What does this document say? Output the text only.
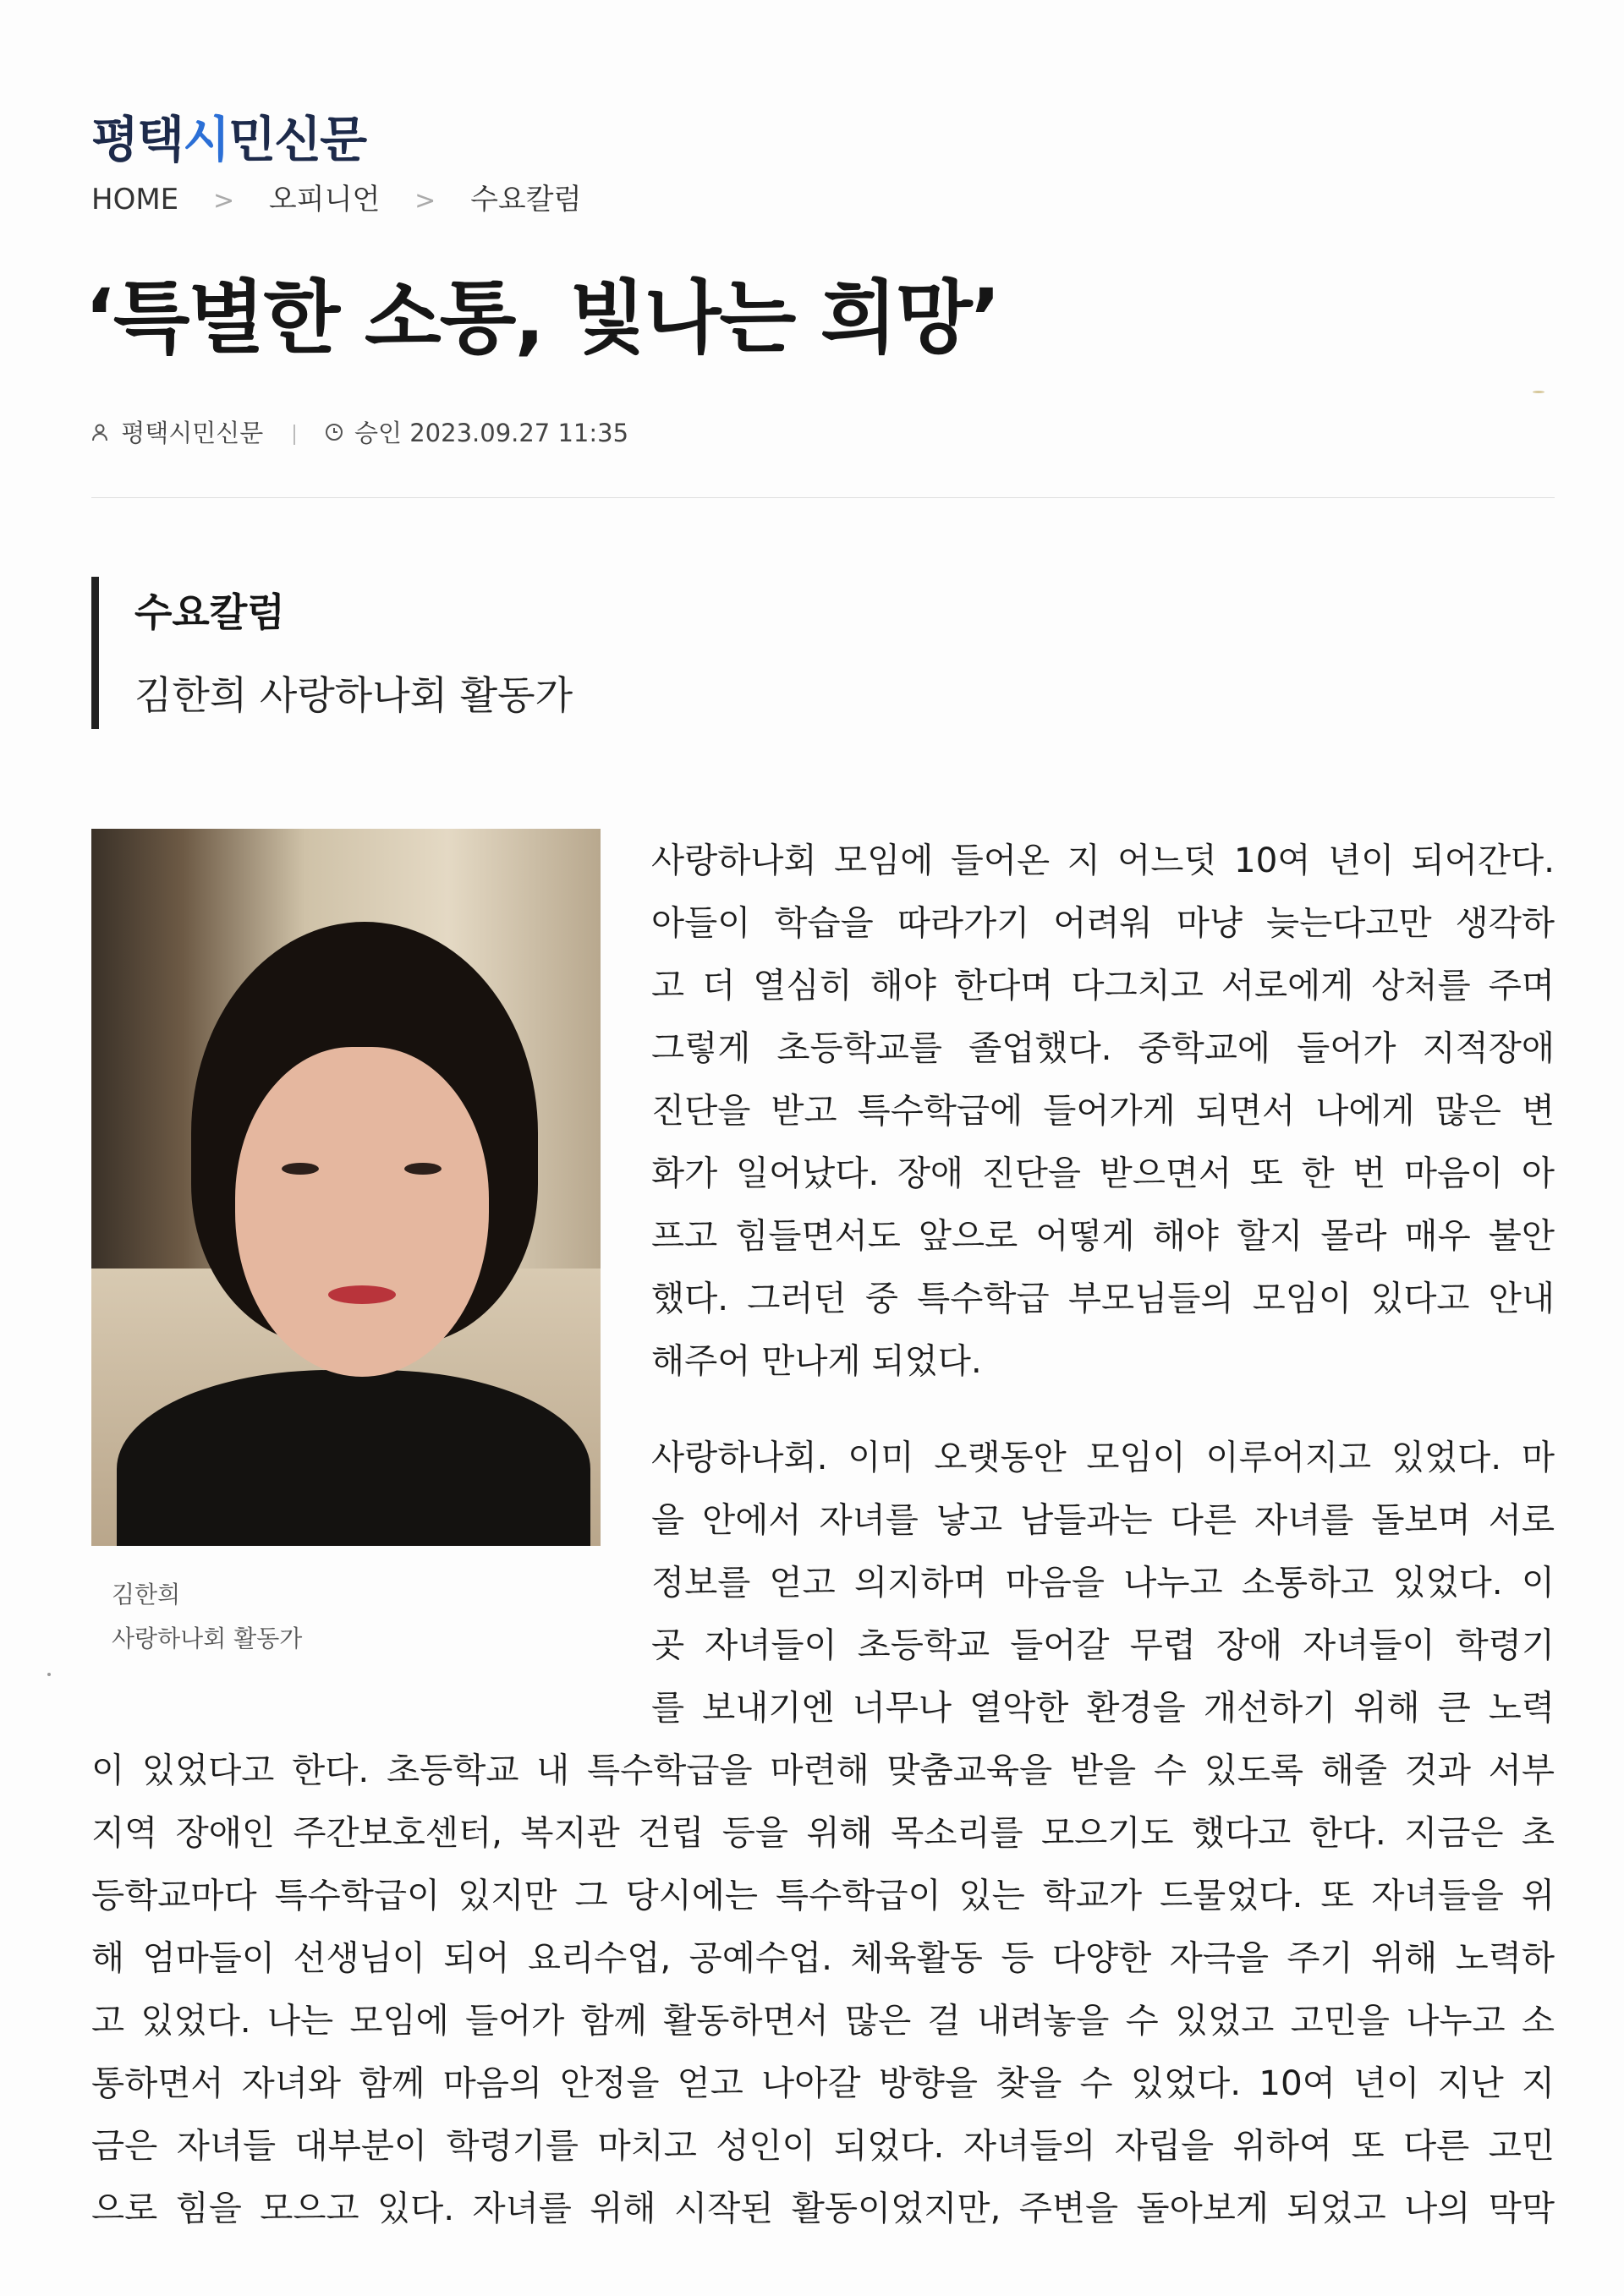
평택시민신문
HOME > 오피니언 > 수요칼럼
‘특별한 소통, 빛나는 희망’
평택시민신문	승인 2023.09.27 11:35
수요칼럼
김한희 사랑하나회 활동가
김한희
사랑하나회 활동가
사랑하나회 모임에 들어온 지 어느덧 10여 년이 되어간다.
아들이 학습을 따라가기 어려워 마냥 늦는다고만 생각하
고 더 열심히 해야 한다며 다그치고 서로에게 상처를 주며
그렇게 초등학교를 졸업했다. 중학교에 들어가 지적장애
진단을 받고 특수학급에 들어가게 되면서 나에게 많은 변
화가 일어났다. 장애 진단을 받으면서 또 한 번 마음이 아
프고 힘들면서도 앞으로 어떻게 해야 할지 몰라 매우 불안
했다. 그러던 중 특수학급 부모님들의 모임이 있다고 안내
해주어 만나게 되었다.
사랑하나회. 이미 오랫동안 모임이 이루어지고 있었다. 마
을 안에서 자녀를 낳고 남들과는 다른 자녀를 돌보며 서로
정보를 얻고 의지하며 마음을 나누고 소통하고 있었다. 이
곳 자녀들이 초등학교 들어갈 무렵 장애 자녀들이 학령기
를 보내기엔 너무나 열악한 환경을 개선하기 위해 큰 노력
이 있었다고 한다. 초등학교 내 특수학급을 마련해 맞춤교육을 받을 수 있도록 해줄 것과 서부
지역 장애인 주간보호센터, 복지관 건립 등을 위해 목소리를 모으기도 했다고 한다. 지금은 초
등학교마다 특수학급이 있지만 그 당시에는 특수학급이 있는 학교가 드물었다. 또 자녀들을 위
해 엄마들이 선생님이 되어 요리수업, 공예수업. 체육활동 등 다양한 자극을 주기 위해 노력하
고 있었다. 나는 모임에 들어가 함께 활동하면서 많은 걸 내려놓을 수 있었고 고민을 나누고 소
통하면서 자녀와 함께 마음의 안정을 얻고 나아갈 방향을 찾을 수 있었다. 10여 년이 지난 지
금은 자녀들 대부분이 학령기를 마치고 성인이 되었다. 자녀들의 자립을 위하여 또 다른 고민
으로 힘을 모으고 있다. 자녀를 위해 시작된 활동이었지만, 주변을 돌아보게 되었고 나의 막막
